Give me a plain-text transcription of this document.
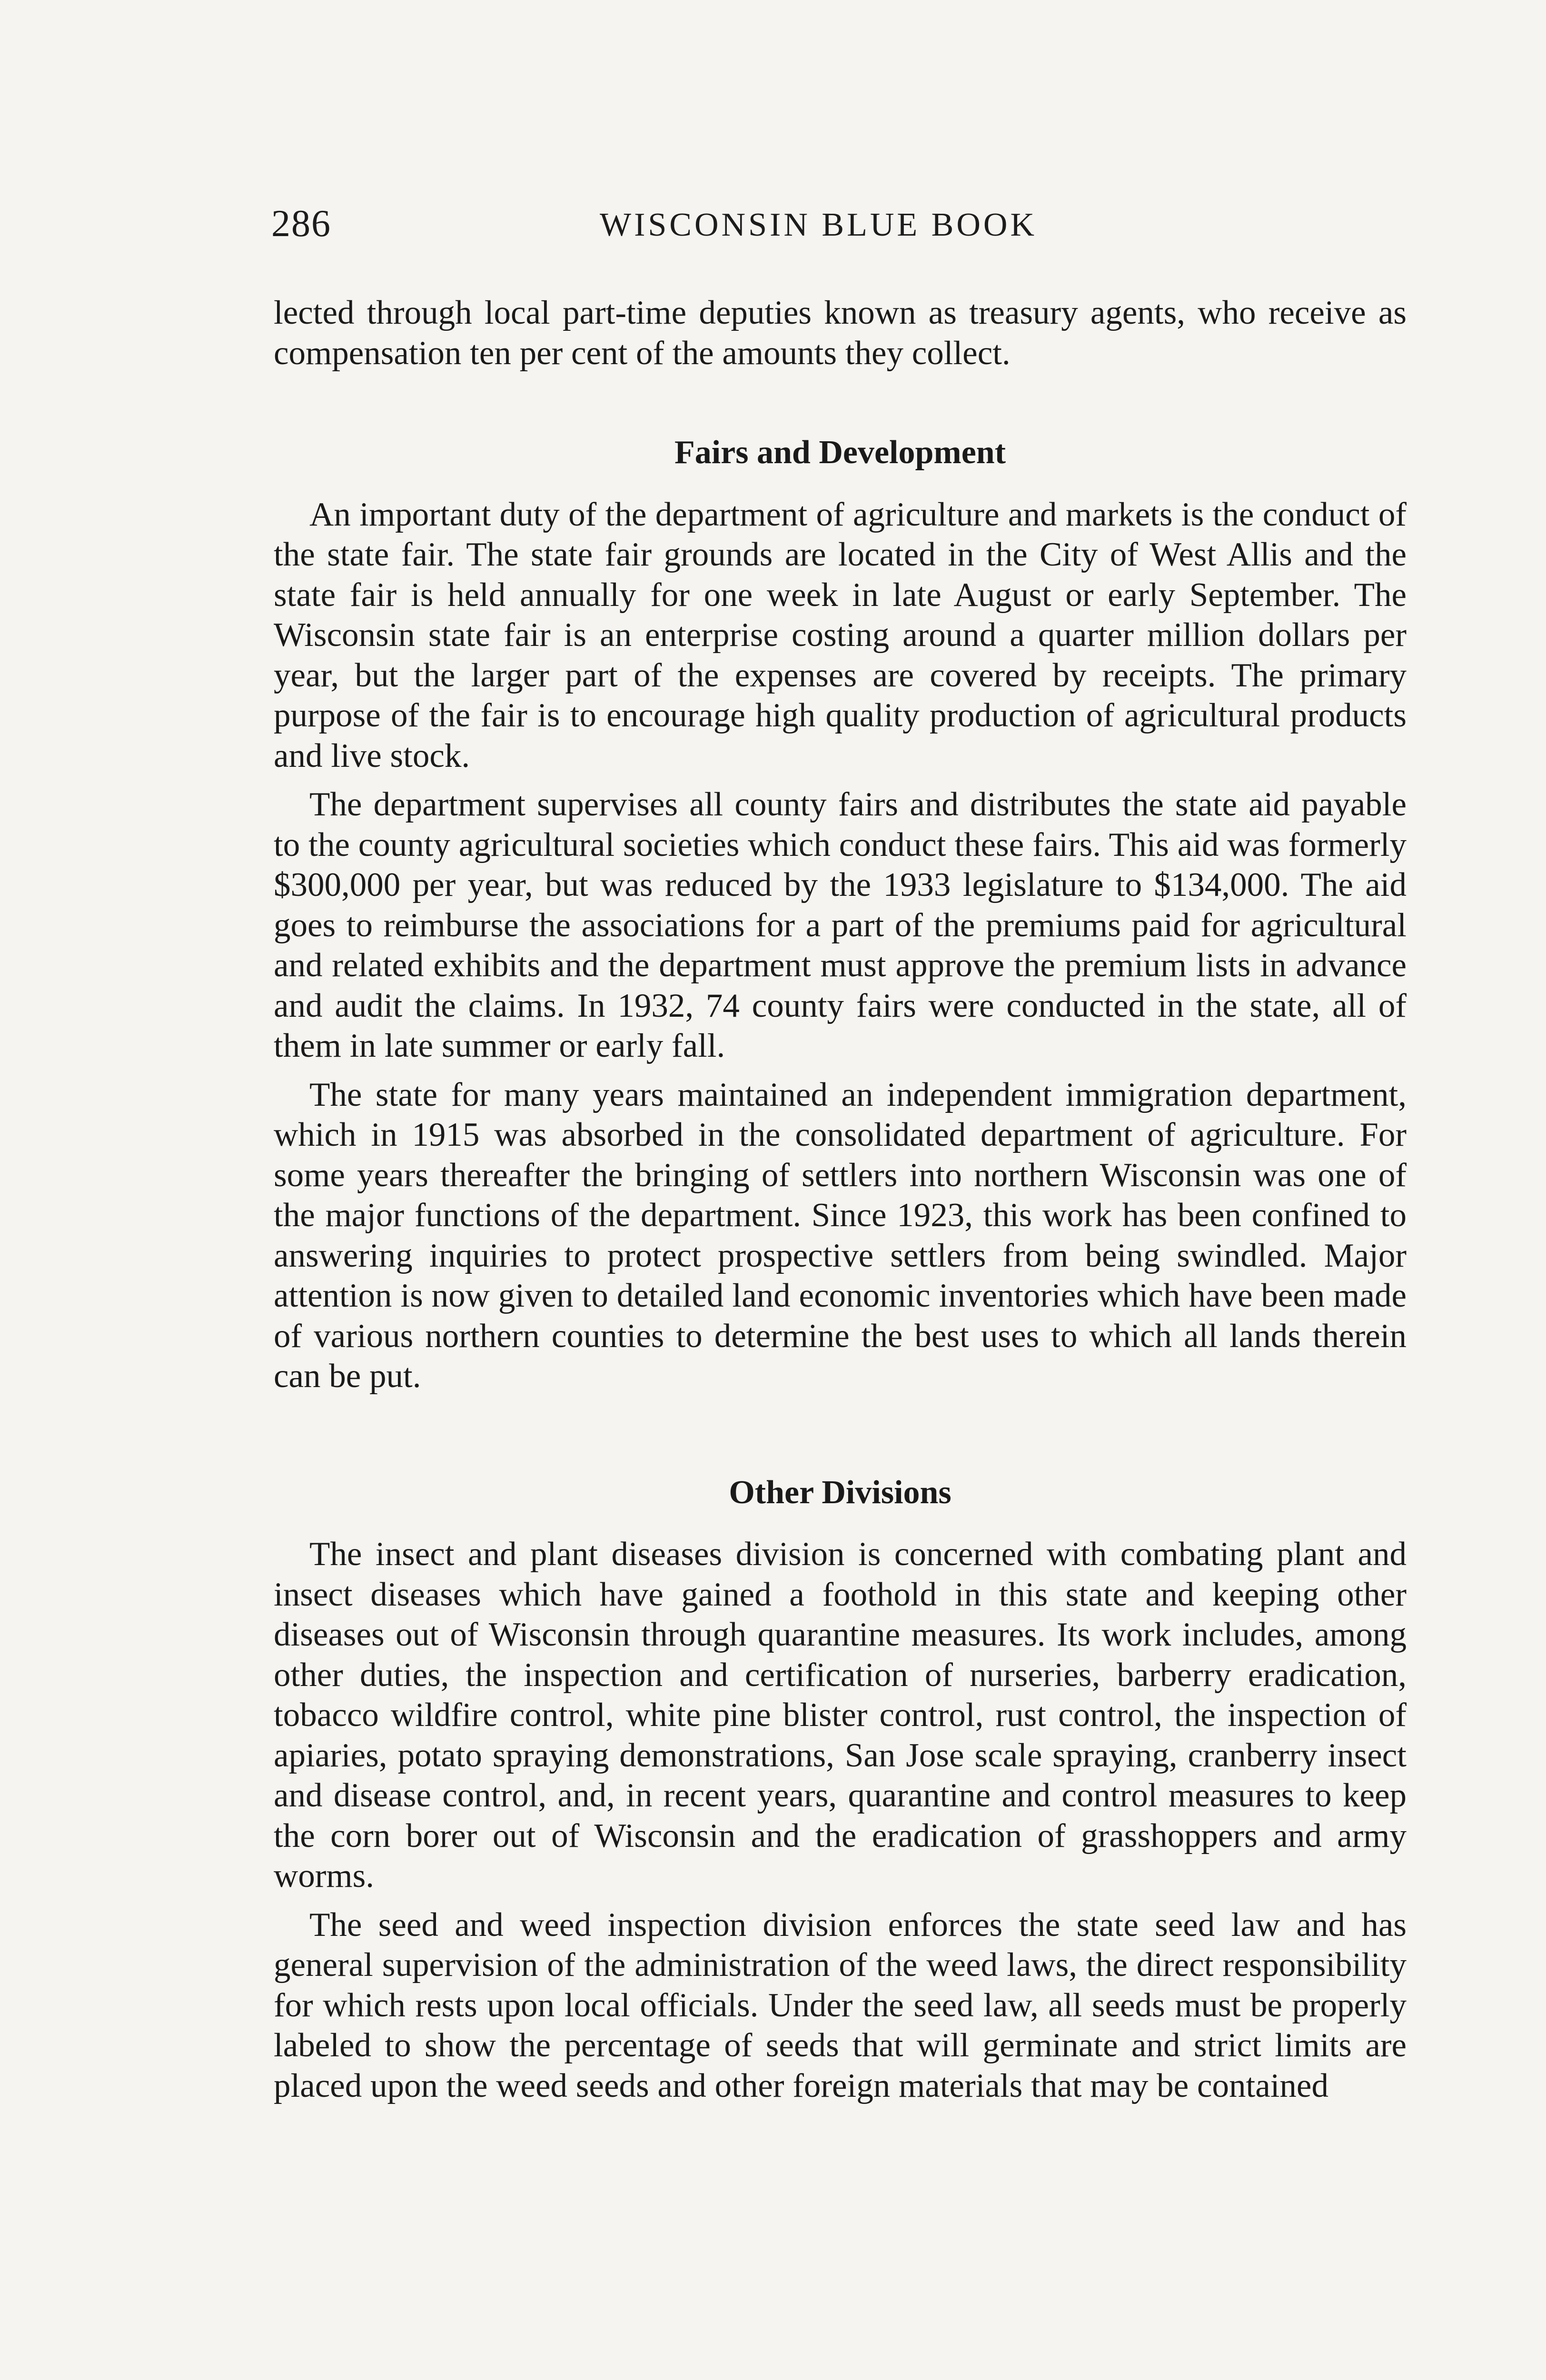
286	WISCONSIN BLUE BOOK

lected through local part-time deputies known as treasury agents, who receive as compensation ten per cent of the amounts they collect.

Fairs and Development

An important duty of the department of agriculture and markets is the conduct of the state fair. The state fair grounds are located in the City of West Allis and the state fair is held annually for one week in late August or early September. The Wisconsin state fair is an enterprise costing around a quarter million dollars per year, but the larger part of the expenses are covered by receipts. The primary purpose of the fair is to encourage high quality production of agricultural products and live stock.

The department supervises all county fairs and distributes the state aid payable to the county agricultural societies which conduct these fairs. This aid was formerly $300,000 per year, but was reduced by the 1933 legislature to $134,000. The aid goes to reimburse the associations for a part of the premiums paid for agricultural and related exhibits and the department must approve the premium lists in advance and audit the claims. In 1932, 74 county fairs were conducted in the state, all of them in late summer or early fall.

The state for many years maintained an independent immigration department, which in 1915 was absorbed in the consolidated department of agriculture. For some years thereafter the bringing of settlers into northern Wisconsin was one of the major functions of the department. Since 1923, this work has been confined to answering inquiries to protect prospective settlers from being swindled. Major attention is now given to detailed land economic inventories which have been made of various northern counties to determine the best uses to which all lands therein can be put.

Other Divisions

The insect and plant diseases division is concerned with combating plant and insect diseases which have gained a foothold in this state and keeping other diseases out of Wisconsin through quarantine measures. Its work includes, among other duties, the inspection and certification of nurseries, barberry eradication, tobacco wildfire control, white pine blister control, rust control, the inspection of apiaries, potato spraying demonstrations, San Jose scale spraying, cranberry insect and disease control, and, in recent years, quarantine and control measures to keep the corn borer out of Wisconsin and the eradication of grasshoppers and army worms.

The seed and weed inspection division enforces the state seed law and has general supervision of the administration of the weed laws, the direct responsibility for which rests upon local officials. Under the seed law, all seeds must be properly labeled to show the percentage of seeds that will germinate and strict limits are placed upon the weed seeds and other foreign materials that may be contained
